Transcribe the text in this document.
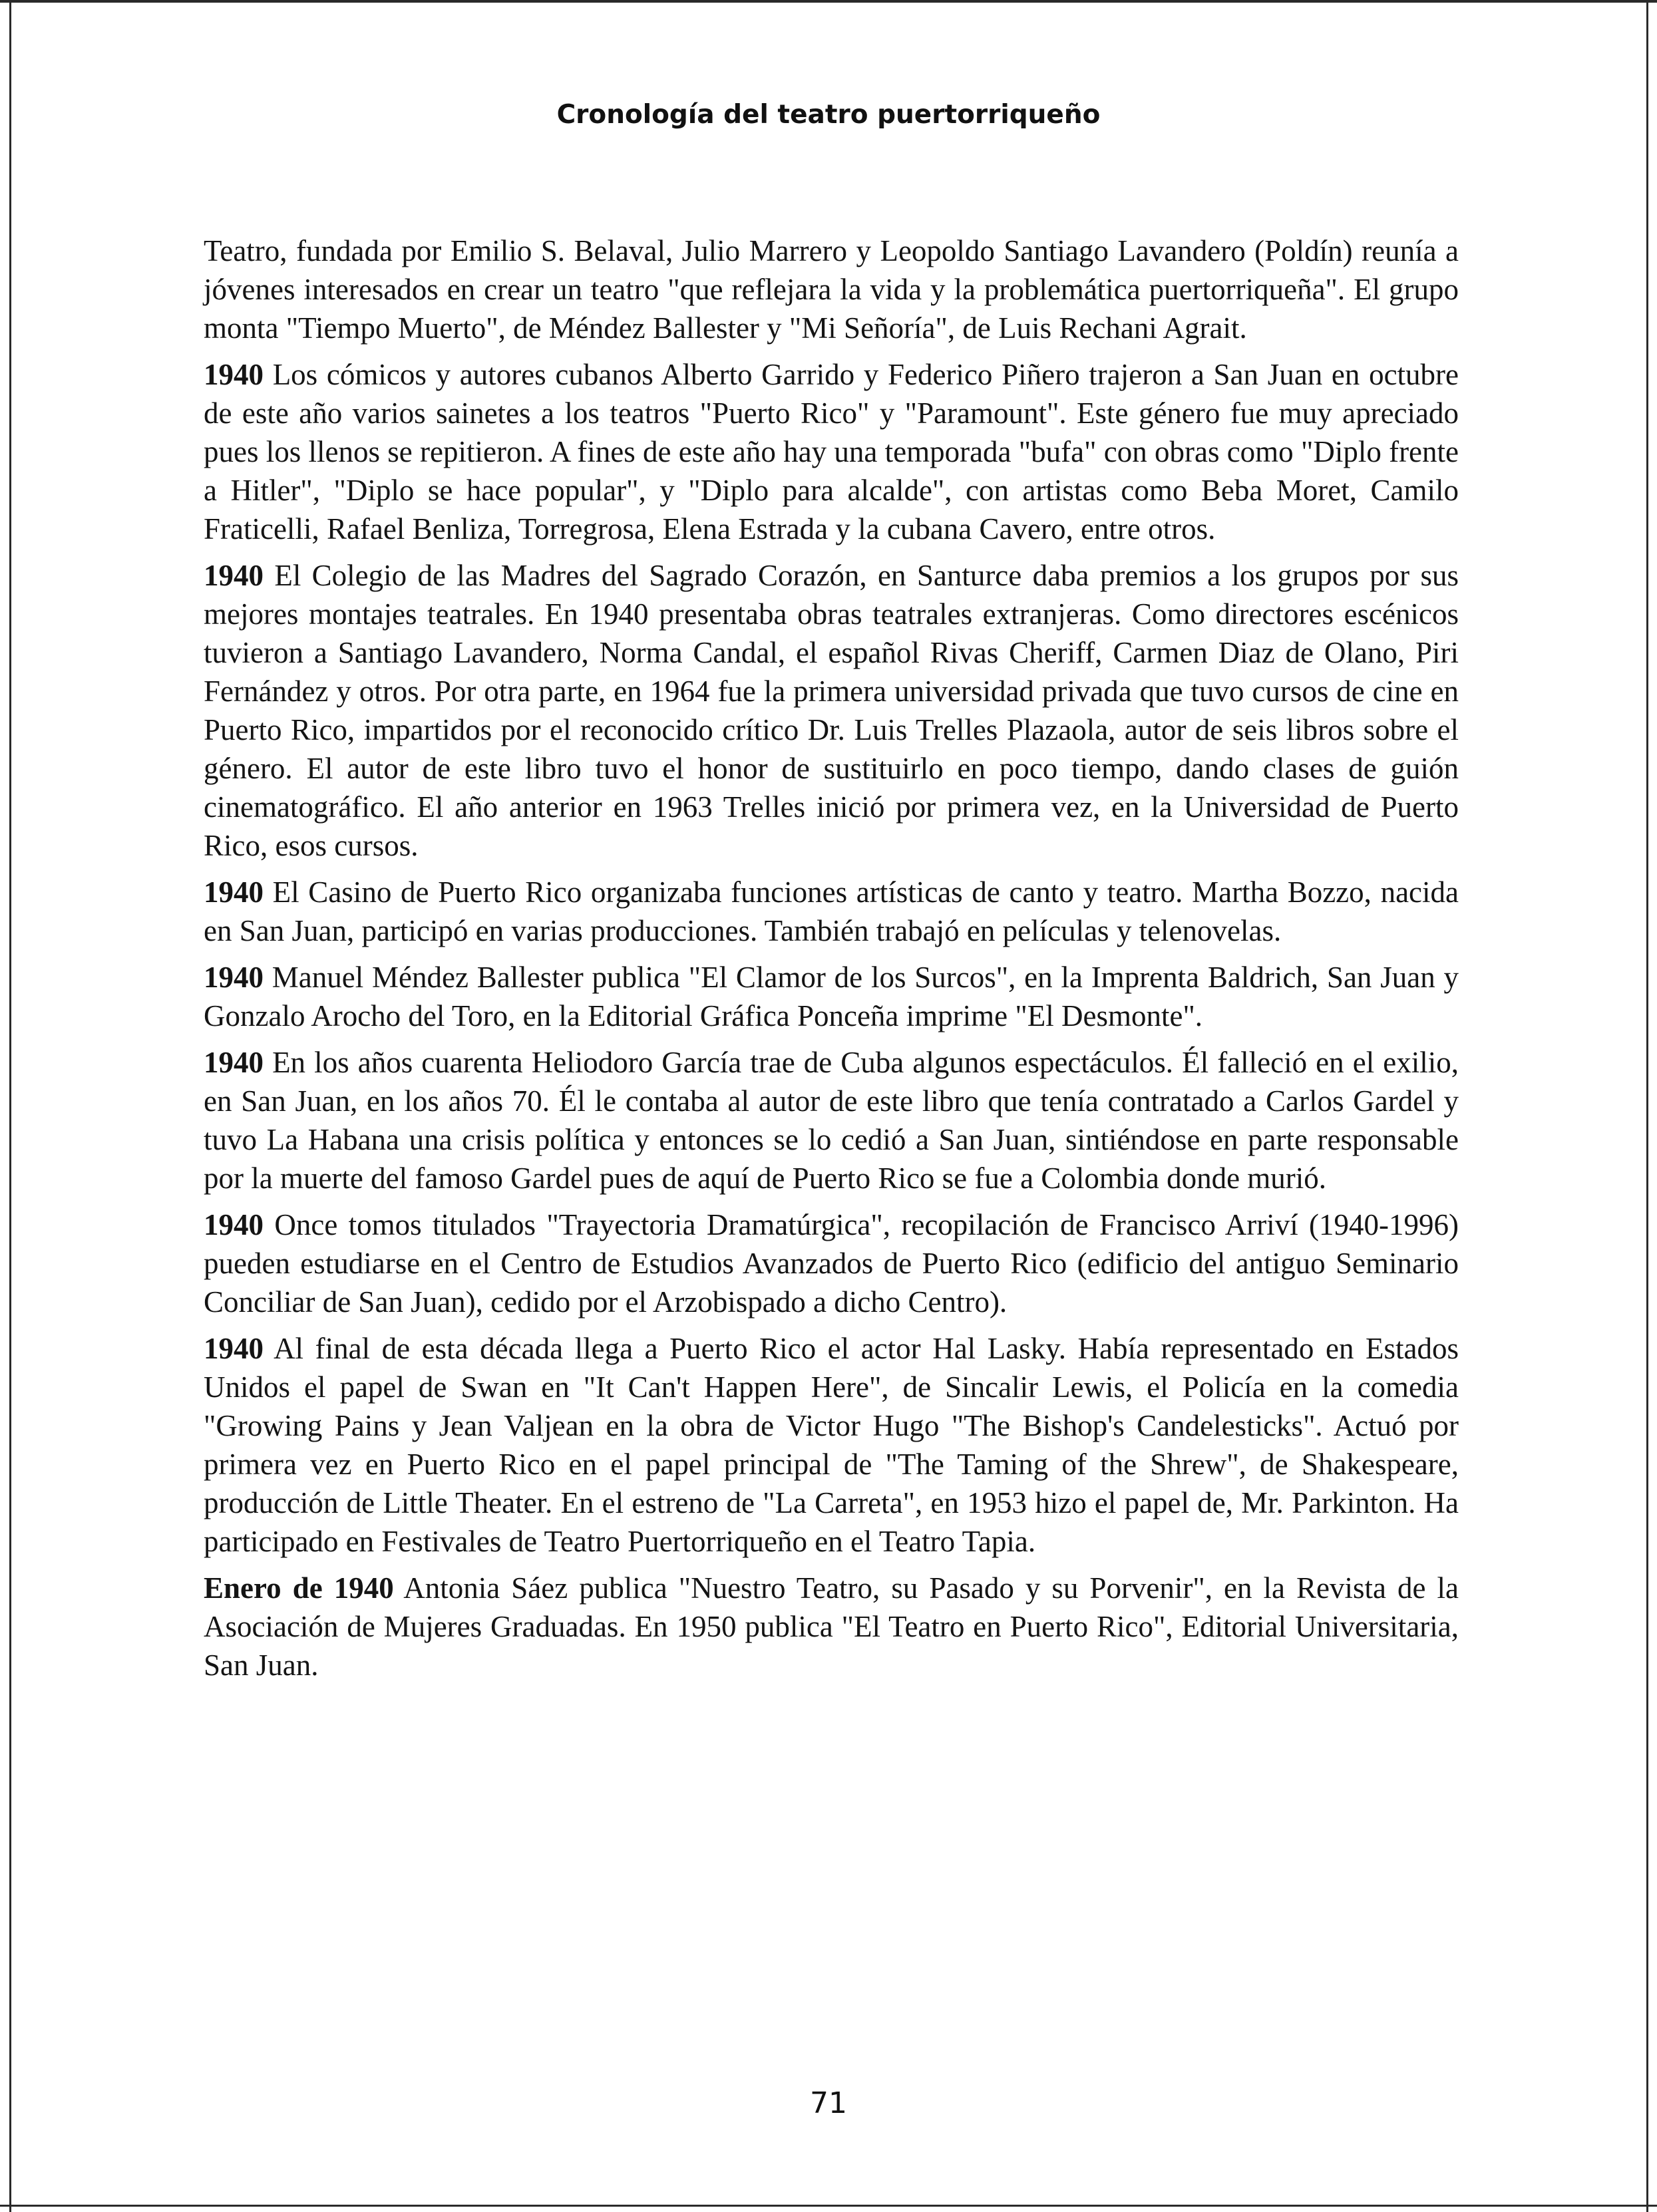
Cronología del teatro puertorriqueño

Teatro, fundada por Emilio S. Belaval, Julio Marrero y Leopoldo Santiago Lavandero (Poldín) reunía a jóvenes interesados en crear un teatro "que reflejara la vida y la problemática puertorriqueña". El grupo monta "Tiempo Muerto", de Méndez Ballester y "Mi Señoría", de Luis Rechani Agrait.

1940 Los cómicos y autores cubanos Alberto Garrido y Federico Piñero trajeron a San Juan en octubre de este año varios sainetes a los teatros "Puerto Rico" y "Paramount". Este género fue muy apreciado pues los llenos se repitieron. A fines de este año hay una temporada "bufa" con obras como "Diplo frente a Hitler", "Diplo se hace popular", y "Diplo para alcalde", con artistas como Beba Moret, Camilo Fraticelli, Rafael Benliza, Torregrosa, Elena Estrada y la cubana Cavero, entre otros.

1940 El Colegio de las Madres del Sagrado Corazón, en Santurce daba premios a los grupos por sus mejores montajes teatrales. En 1940 presentaba obras teatrales extranjeras. Como directores escénicos tuvieron a Santiago Lavandero, Norma Candal, el español Rivas Cheriff, Carmen Diaz de Olano, Piri Fernández y otros. Por otra parte, en 1964 fue la primera universidad privada que tuvo cursos de cine en Puerto Rico, impartidos por el reconocido crítico Dr. Luis Trelles Plazaola, autor de seis libros sobre el género. El autor de este libro tuvo el honor de sustituirlo en poco tiempo, dando clases de guión cinematográfico. El año anterior en 1963 Trelles inició por primera vez, en la Universidad de Puerto Rico, esos cursos.

1940 El Casino de Puerto Rico organizaba funciones artísticas de canto y teatro. Martha Bozzo, nacida en San Juan, participó en varias producciones. También trabajó en películas y telenovelas.

1940 Manuel Méndez Ballester publica "El Clamor de los Surcos", en la Imprenta Baldrich, San Juan y Gonzalo Arocho del Toro, en la Editorial Gráfica Ponceña imprime "El Desmonte".

1940 En los años cuarenta Heliodoro García trae de Cuba algunos espectáculos. Él falleció en el exilio, en San Juan, en los años 70. Él le contaba al autor de este libro que tenía contratado a Carlos Gardel y tuvo La Habana una crisis política y entonces se lo cedió a San Juan, sintiéndose en parte responsable por la muerte del famoso Gardel pues de aquí de Puerto Rico se fue a Colombia donde murió.

1940 Once tomos titulados "Trayectoria Dramatúrgica", recopilación de Francisco Arriví (1940-1996) pueden estudiarse en el Centro de Estudios Avanzados de Puerto Rico (edificio del antiguo Seminario Conciliar de San Juan), cedido por el Arzobispado a dicho Centro).

1940 Al final de esta década llega a Puerto Rico el actor Hal Lasky. Había representado en Estados Unidos el papel de Swan en "It Can't Happen Here", de Sincalir Lewis, el Policía en la comedia "Growing Pains y Jean Valjean en la obra de Victor Hugo "The Bishop's Candelesticks". Actuó por primera vez en Puerto Rico en el papel principal de "The Taming of the Shrew", de Shakespeare, producción de Little Theater. En el estreno de "La Carreta", en 1953 hizo el papel de, Mr. Parkinton. Ha participado en Festivales de Teatro Puertorriqueño en el Teatro Tapia.

Enero de 1940 Antonia Sáez publica "Nuestro Teatro, su Pasado y su Porvenir", en la Revista de la Asociación de Mujeres Graduadas. En 1950 publica "El Teatro en Puerto Rico", Editorial Universitaria, San Juan.

71
